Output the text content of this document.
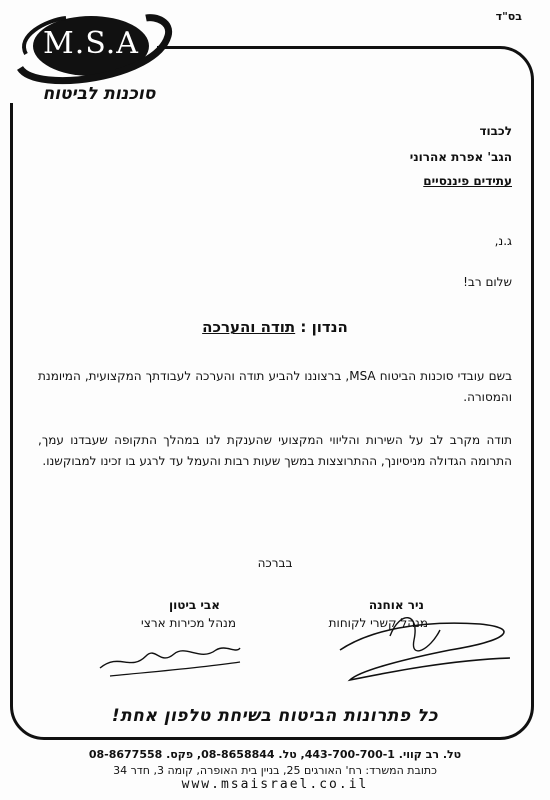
בס"ד
M.S.A
סוכנות לביטוח
לכבוד
הגב' אפרת אהרוני
עתידים פיננסיים
ג.נ,
שלום רב!
הנדון : תודה והערכה
בשם עובדי סוכנות הביטוח MSA, ברצוננו להביע תודה והערכה לעבודתך המקצועית, המיומנת והמסורה.
תודה מקרב לב על השירות והליווי המקצועי שהענקת לנו במהלך התקופה שעבדנו עמך, התרומה הגדולה מניסיונך, ההתרוצצות במשך שעות רבות והעמל עד לרגע בו זכינו למבוקשנו.
בברכה
ניר אוחנה
מנהל קשרי לקוחות
אבי ביטון
מנהל מכירות ארצי
כל פתרונות הביטוח בשיחת טלפון אחת!
טל. רב קווי. 443-700-700-1, טל. 08-8658844, פקס. 08-8677558
כתובת המשרד: רח' האורגים 25, בניין בית האופרה, קומה 3, חדר 34
www.msaisrael.co.il
